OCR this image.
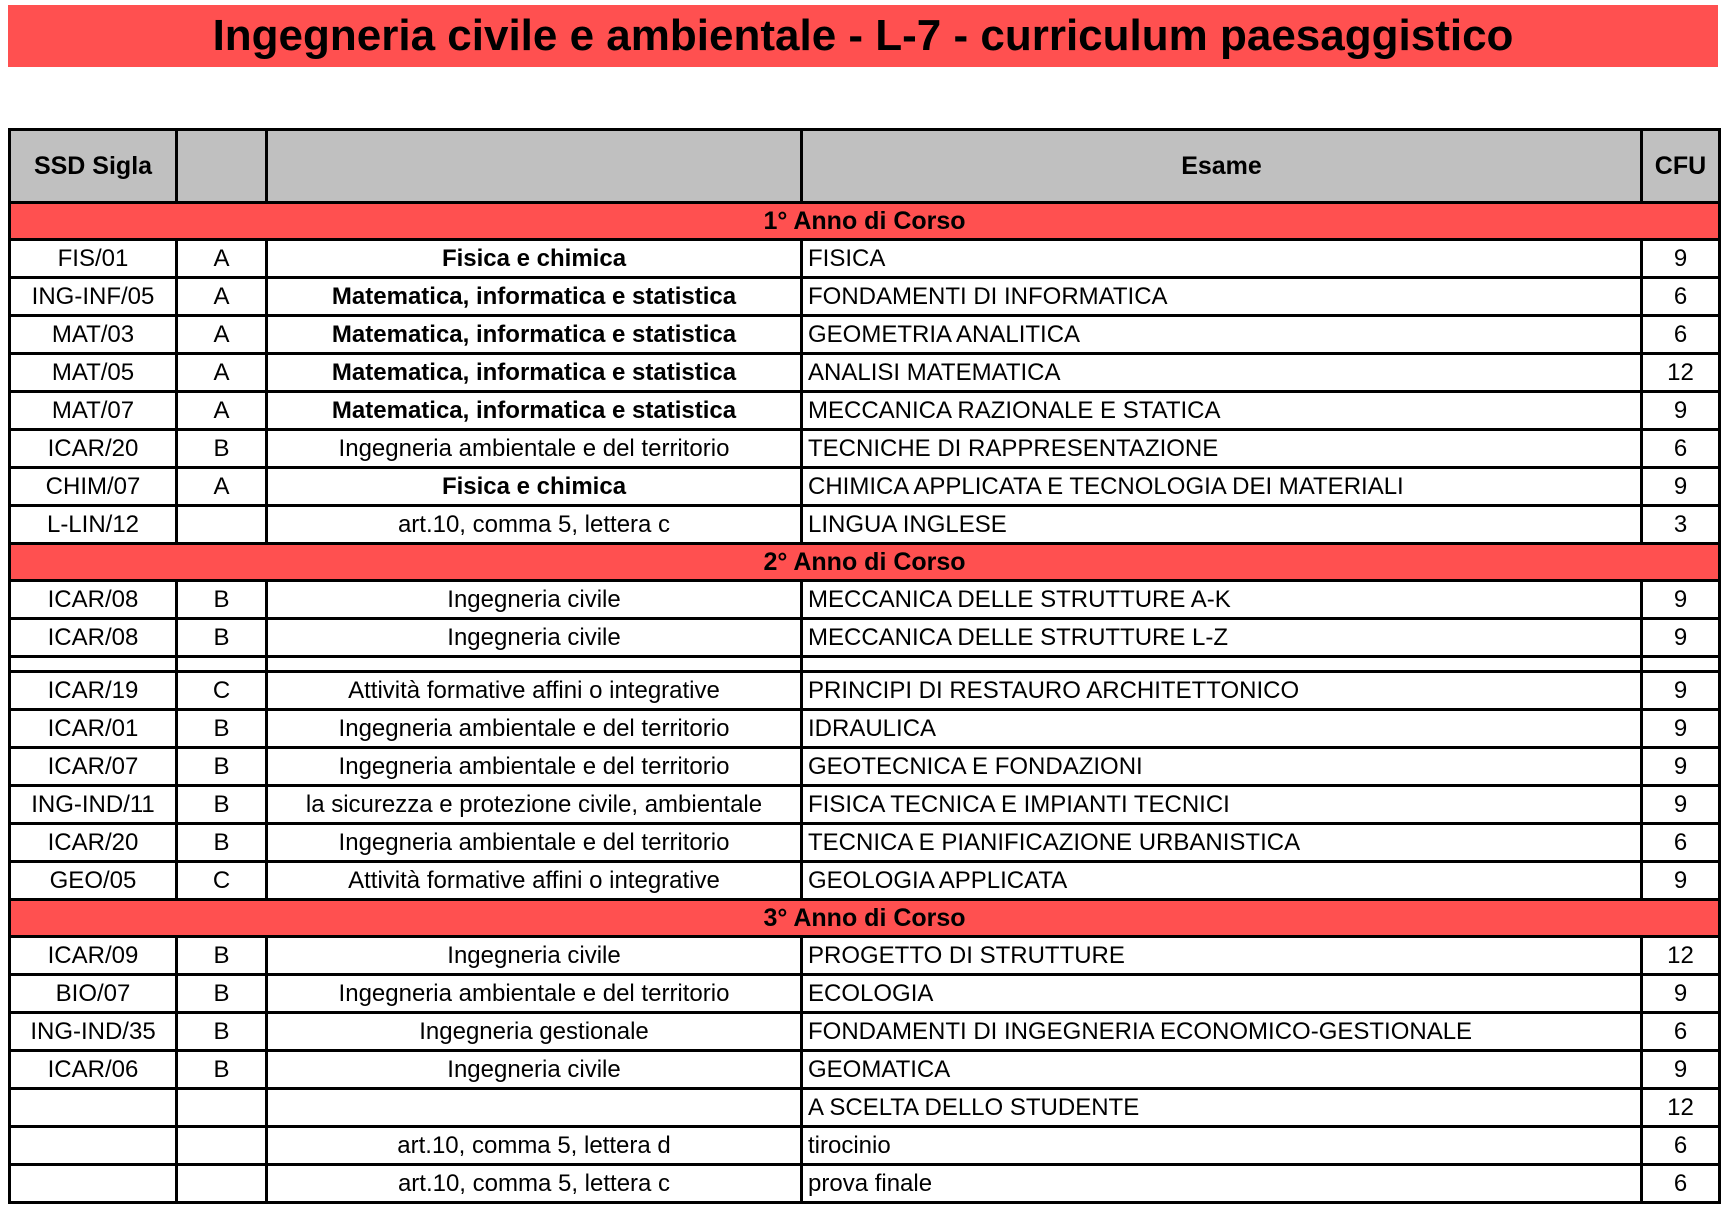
Ingegneria civile e ambientale - L-7 - curriculum paesaggistico
SSD Sigla			Esame	CFU
1° Anno di Corso				
FIS/01	A	Fisica e chimica	FISICA	9
ING-INF/05	A	Matematica, informatica e statistica	FONDAMENTI DI INFORMATICA	6
MAT/03	A	Matematica, informatica e statistica	GEOMETRIA ANALITICA	6
MAT/05	A	Matematica, informatica e statistica	ANALISI MATEMATICA	12
MAT/07	A	Matematica, informatica e statistica	MECCANICA RAZIONALE E STATICA	9
ICAR/20	B	Ingegneria ambientale e del territorio	TECNICHE DI RAPPRESENTAZIONE	6
CHIM/07	A	Fisica e chimica	CHIMICA APPLICATA E TECNOLOGIA DEI MATERIALI	9
L-LIN/12		art.10, comma 5, lettera c	LINGUA INGLESE	3
2° Anno di Corso				
ICAR/08	B	Ingegneria civile	MECCANICA DELLE STRUTTURE A-K	9
ICAR/08	B	Ingegneria civile	MECCANICA DELLE STRUTTURE L-Z	9

ICAR/19	C	Attività formative affini o integrative	PRINCIPI DI RESTAURO ARCHITETTONICO	9
ICAR/01	B	Ingegneria ambientale e del territorio	IDRAULICA	9
ICAR/07	B	Ingegneria ambientale e del territorio	GEOTECNICA E FONDAZIONI	9
ING-IND/11	B	la sicurezza e protezione civile, ambientale	FISICA TECNICA E IMPIANTI TECNICI	9
ICAR/20	B	Ingegneria ambientale e del territorio	TECNICA E PIANIFICAZIONE URBANISTICA	6
GEO/05	C	Attività formative affini o integrative	GEOLOGIA APPLICATA	9
3° Anno di Corso				
ICAR/09	B	Ingegneria civile	PROGETTO DI STRUTTURE	12
BIO/07	B	Ingegneria ambientale e del territorio	ECOLOGIA	9
ING-IND/35	B	Ingegneria gestionale	FONDAMENTI DI INGEGNERIA ECONOMICO-GESTIONALE	6
ICAR/06	B	Ingegneria civile	GEOMATICA	9
			A SCELTA DELLO STUDENTE	12
		art.10, comma 5, lettera d	tirocinio	6
		art.10, comma 5, lettera c	prova finale	6
